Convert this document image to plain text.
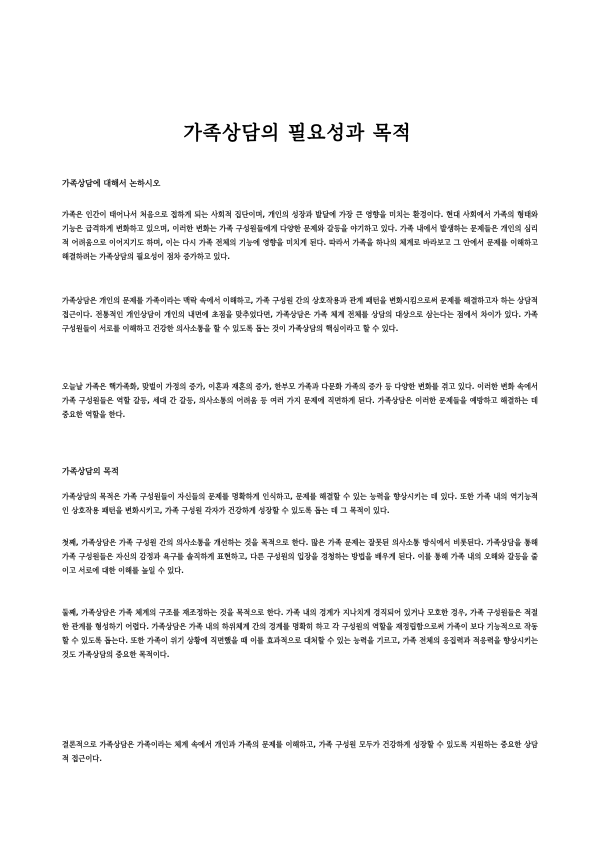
가족상담의 필요성과 목적
가족상담에 대해서 논하시오
가족은 인간이 태어나서 처음으로 접하게 되는 사회적 집단이며, 개인의 성장과 발달에 가장 큰 영향을 미치는 환경이다. 현대 사회에서 가족의 형태와 기능은 급격하게 변화하고 있으며, 이러한 변화는 가족 구성원들에게 다양한 문제와 갈등을 야기하고 있다. 가족 내에서 발생하는 문제들은 개인의 심리적 어려움으로 이어지기도 하며, 이는 다시 가족 전체의 기능에 영향을 미치게 된다. 따라서 가족을 하나의 체계로 바라보고 그 안에서 문제를 이해하고 해결하려는 가족상담의 필요성이 점차 증가하고 있다.
가족상담은 개인의 문제를 가족이라는 맥락 속에서 이해하고, 가족 구성원 간의 상호작용과 관계 패턴을 변화시킴으로써 문제를 해결하고자 하는 상담적 접근이다. 전통적인 개인상담이 개인의 내면에 초점을 맞추었다면, 가족상담은 가족 체계 전체를 상담의 대상으로 삼는다는 점에서 차이가 있다. 가족 구성원들이 서로를 이해하고 건강한 의사소통을 할 수 있도록 돕는 것이 가족상담의 핵심이라고 할 수 있다.
오늘날 가족은 핵가족화, 맞벌이 가정의 증가, 이혼과 재혼의 증가, 한부모 가족과 다문화 가족의 증가 등 다양한 변화를 겪고 있다. 이러한 변화 속에서 가족 구성원들은 역할 갈등, 세대 간 갈등, 의사소통의 어려움 등 여러 가지 문제에 직면하게 된다. 가족상담은 이러한 문제들을 예방하고 해결하는 데 중요한 역할을 한다.
가족상담의 목적
가족상담의 목적은 가족 구성원들이 자신들의 문제를 명확하게 인식하고, 문제를 해결할 수 있는 능력을 향상시키는 데 있다. 또한 가족 내의 역기능적인 상호작용 패턴을 변화시키고, 가족 구성원 각자가 건강하게 성장할 수 있도록 돕는 데 그 목적이 있다.
첫째, 가족상담은 가족 구성원 간의 의사소통을 개선하는 것을 목적으로 한다. 많은 가족 문제는 잘못된 의사소통 방식에서 비롯된다. 가족상담을 통해 가족 구성원들은 자신의 감정과 욕구를 솔직하게 표현하고, 다른 구성원의 입장을 경청하는 방법을 배우게 된다. 이를 통해 가족 내의 오해와 갈등을 줄이고 서로에 대한 이해를 높일 수 있다.
둘째, 가족상담은 가족 체계의 구조를 재조정하는 것을 목적으로 한다. 가족 내의 경계가 지나치게 경직되어 있거나 모호한 경우, 가족 구성원들은 적절한 관계를 형성하기 어렵다. 가족상담은 가족 내의 하위체계 간의 경계를 명확히 하고 각 구성원의 역할을 재정립함으로써 가족이 보다 기능적으로 작동할 수 있도록 돕는다. 또한 가족이 위기 상황에 직면했을 때 이를 효과적으로 대처할 수 있는 능력을 기르고, 가족 전체의 응집력과 적응력을 향상시키는 것도 가족상담의 중요한 목적이다.
결론적으로 가족상담은 가족이라는 체계 속에서 개인과 가족의 문제를 이해하고, 가족 구성원 모두가 건강하게 성장할 수 있도록 지원하는 중요한 상담적 접근이다.
